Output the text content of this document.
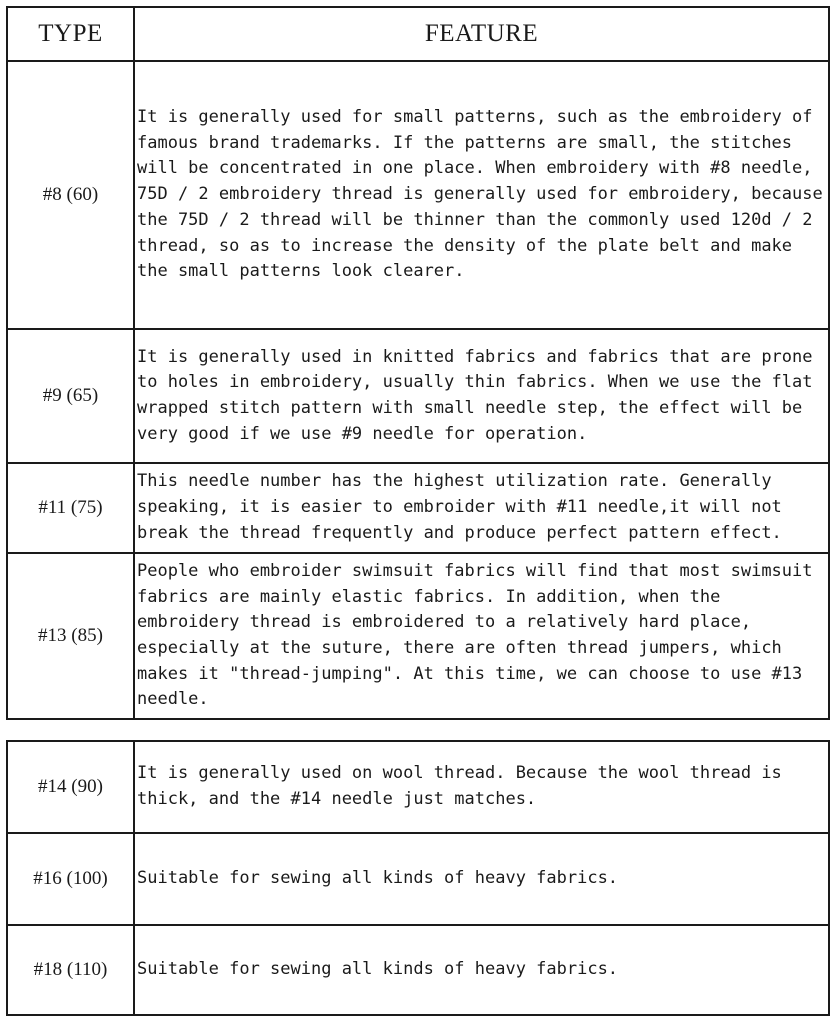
TYPE	FEATURE
#8 (60)	It is generally used for small patterns, such as the embroidery of famous brand trademarks. If the patterns are small, the stitches will be concentrated in one place. When embroidery with #8 needle, 75D / 2 embroidery thread is generally used for embroidery, because the 75D / 2 thread will be thinner than the commonly used 120d / 2 thread, so as to increase the density of the plate belt and make the small patterns look clearer.
#9 (65)	It is generally used in knitted fabrics and fabrics that are prone to holes in embroidery, usually thin fabrics. When we use the flat wrapped stitch pattern with small needle step, the effect will be very good if we use #9 needle for operation.
#11 (75)	This needle number has the highest utilization rate. Generally speaking, it is easier to embroider with #11 needle,it will not break the thread frequently and produce perfect pattern effect.
#13 (85)	People who embroider swimsuit fabrics will find that most swimsuit fabrics are mainly elastic fabrics. In addition, when the embroidery thread is embroidered to a relatively hard place, especially at the suture, there are often thread jumpers, which makes it "thread-jumping". At this time, we can choose to use #13 needle.
#14 (90)	It is generally used on wool thread. Because the wool thread is thick, and the #14 needle just matches.
#16 (100)	Suitable for sewing all kinds of heavy fabrics.
#18 (110)	Suitable for sewing all kinds of heavy fabrics.
